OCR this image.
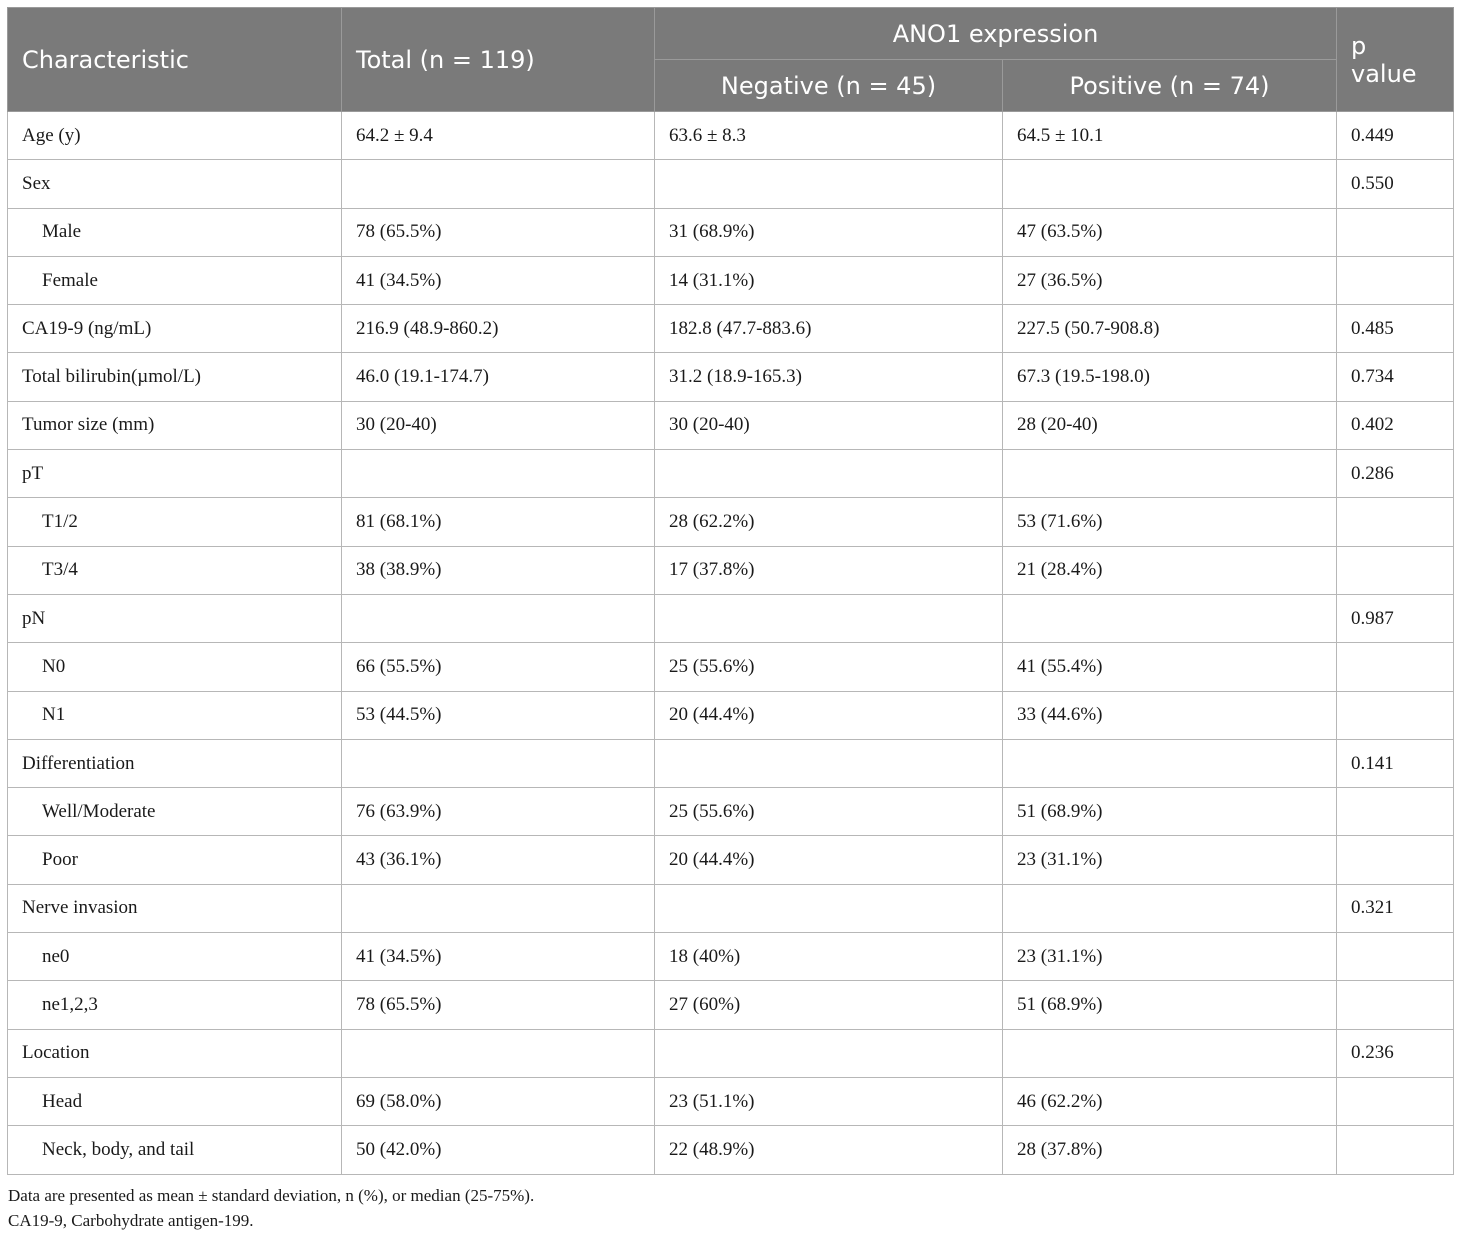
Characteristic	Total (n = 119)	ANO1 expression		p value
		Negative (n = 45)	Positive (n = 74)	
Age (y)	64.2 ± 9.4	63.6 ± 8.3	64.5 ± 10.1	0.449
Sex				0.550
Male	78 (65.5%)	31 (68.9%)	47 (63.5%)	
Female	41 (34.5%)	14 (31.1%)	27 (36.5%)	
CA19-9 (ng/mL)	216.9 (48.9-860.2)	182.8 (47.7-883.6)	227.5 (50.7-908.8)	0.485
Total bilirubin(µmol/L)	46.0 (19.1-174.7)	31.2 (18.9-165.3)	67.3 (19.5-198.0)	0.734
Tumor size (mm)	30 (20-40)	30 (20-40)	28 (20-40)	0.402
pT				0.286
T1/2	81 (68.1%)	28 (62.2%)	53 (71.6%)	
T3/4	38 (38.9%)	17 (37.8%)	21 (28.4%)	
pN				0.987
N0	66 (55.5%)	25 (55.6%)	41 (55.4%)	
N1	53 (44.5%)	20 (44.4%)	33 (44.6%)	
Differentiation				0.141
Well/Moderate	76 (63.9%)	25 (55.6%)	51 (68.9%)	
Poor	43 (36.1%)	20 (44.4%)	23 (31.1%)	
Nerve invasion				0.321
ne0	41 (34.5%)	18 (40%)	23 (31.1%)	
ne1,2,3	78 (65.5%)	27 (60%)	51 (68.9%)	
Location				0.236
Head	69 (58.0%)	23 (51.1%)	46 (62.2%)	
Neck, body, and tail	50 (42.0%)	22 (48.9%)	28 (37.8%)	
Data are presented as mean ± standard deviation, n (%), or median (25-75%).
CA19-9, Carbohydrate antigen-199.
